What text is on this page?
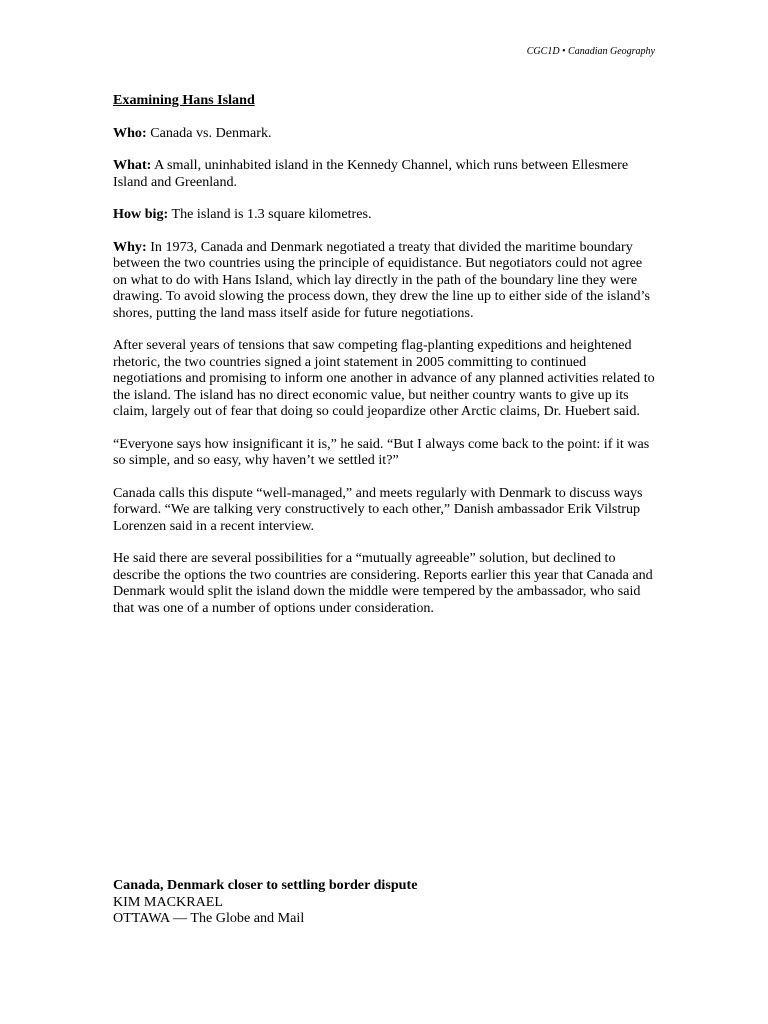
CGC1D • Canadian Geography
Examining Hans Island
Who: Canada vs. Denmark.
What: A small, uninhabited island in the Kennedy Channel, which runs between Ellesmere Island and Greenland.
How big: The island is 1.3 square kilometres.
Why: In 1973, Canada and Denmark negotiated a treaty that divided the maritime boundary between the two countries using the principle of equidistance. But negotiators could not agree on what to do with Hans Island, which lay directly in the path of the boundary line they were drawing. To avoid slowing the process down, they drew the line up to either side of the island’s shores, putting the land mass itself aside for future negotiations.
After several years of tensions that saw competing flag-planting expeditions and heightened rhetoric, the two countries signed a joint statement in 2005 committing to continued negotiations and promising to inform one another in advance of any planned activities related to the island. The island has no direct economic value, but neither country wants to give up its claim, largely out of fear that doing so could jeopardize other Arctic claims, Dr. Huebert said.
“Everyone says how insignificant it is,” he said. “But I always come back to the point: if it was so simple, and so easy, why haven’t we settled it?”
Canada calls this dispute “well-managed,” and meets regularly with Denmark to discuss ways forward. “We are talking very constructively to each other,” Danish ambassador Erik Vilstrup Lorenzen said in a recent interview.
He said there are several possibilities for a “mutually agreeable” solution, but declined to describe the options the two countries are considering. Reports earlier this year that Canada and Denmark would split the island down the middle were tempered by the ambassador, who said that was one of a number of options under consideration.
Canada, Denmark closer to settling border dispute
KIM MACKRAEL
OTTAWA — The Globe and Mail
